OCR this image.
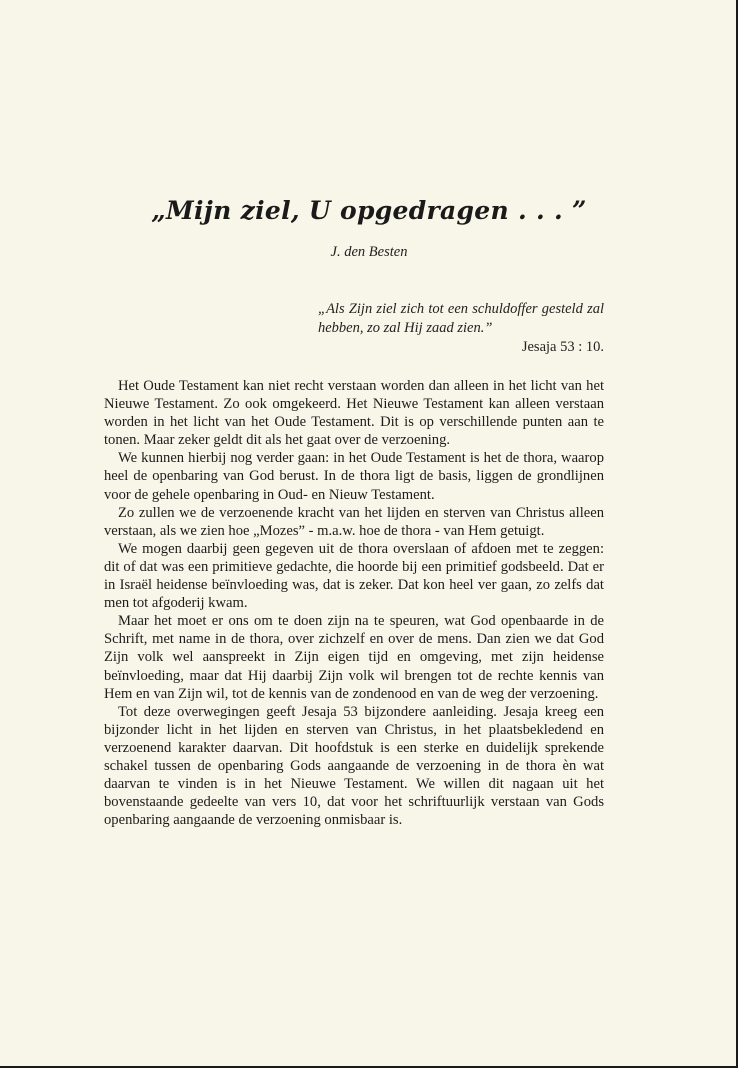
„Mijn ziel, U opgedragen . . . ”
J. den Besten
„Als Zijn ziel zich tot een schuldoffer gesteld zal hebben, zo zal Hij zaad zien.”
Jesaja 53 : 10.

Het Oude Testament kan niet recht verstaan worden dan alleen in het licht van het Nieuwe Testament. Zo ook omgekeerd. Het Nieuwe Testament kan alleen verstaan worden in het licht van het Oude Testament. Dit is op verschillende punten aan te tonen. Maar zeker geldt dit als het gaat over de verzoening.

We kunnen hierbij nog verder gaan: in het Oude Testament is het de thora, waarop heel de openbaring van God berust. In de thora ligt de basis, liggen de grondlijnen voor de gehele openbaring in Oud- en Nieuw Testament.

Zo zullen we de verzoenende kracht van het lijden en sterven van Christus alleen verstaan, als we zien hoe „Mozes” - m.a.w. hoe de thora - van Hem getuigt.

We mogen daarbij geen gegeven uit de thora overslaan of afdoen met te zeggen: dit of dat was een primitieve gedachte, die hoorde bij een primitief godsbeeld. Dat er in Israël heidense beïnvloeding was, dat is zeker. Dat kon heel ver gaan, zo zelfs dat men tot afgoderij kwam.

Maar het moet er ons om te doen zijn na te speuren, wat God openbaarde in de Schrift, met name in de thora, over zichzelf en over de mens. Dan zien we dat God Zijn volk wel aanspreekt in Zijn eigen tijd en omgeving, met zijn heidense beïnvloeding, maar dat Hij daarbij Zijn volk wil brengen tot de rechte kennis van Hem en van Zijn wil, tot de kennis van de zondenood en van de weg der verzoening.

Tot deze overwegingen geeft Jesaja 53 bijzondere aanleiding. Jesaja kreeg een bijzonder licht in het lijden en sterven van Christus, in het plaatsbekledend en verzoenend karakter daarvan. Dit hoofdstuk is een sterke en duidelijk sprekende schakel tussen de openbaring Gods aangaande de verzoening in de thora èn wat daarvan te vinden is in het Nieuwe Testament. We willen dit nagaan uit het bovenstaande gedeelte van vers 10, dat voor het schriftuurlijk verstaan van Gods openbaring aangaande de verzoening onmisbaar is.
